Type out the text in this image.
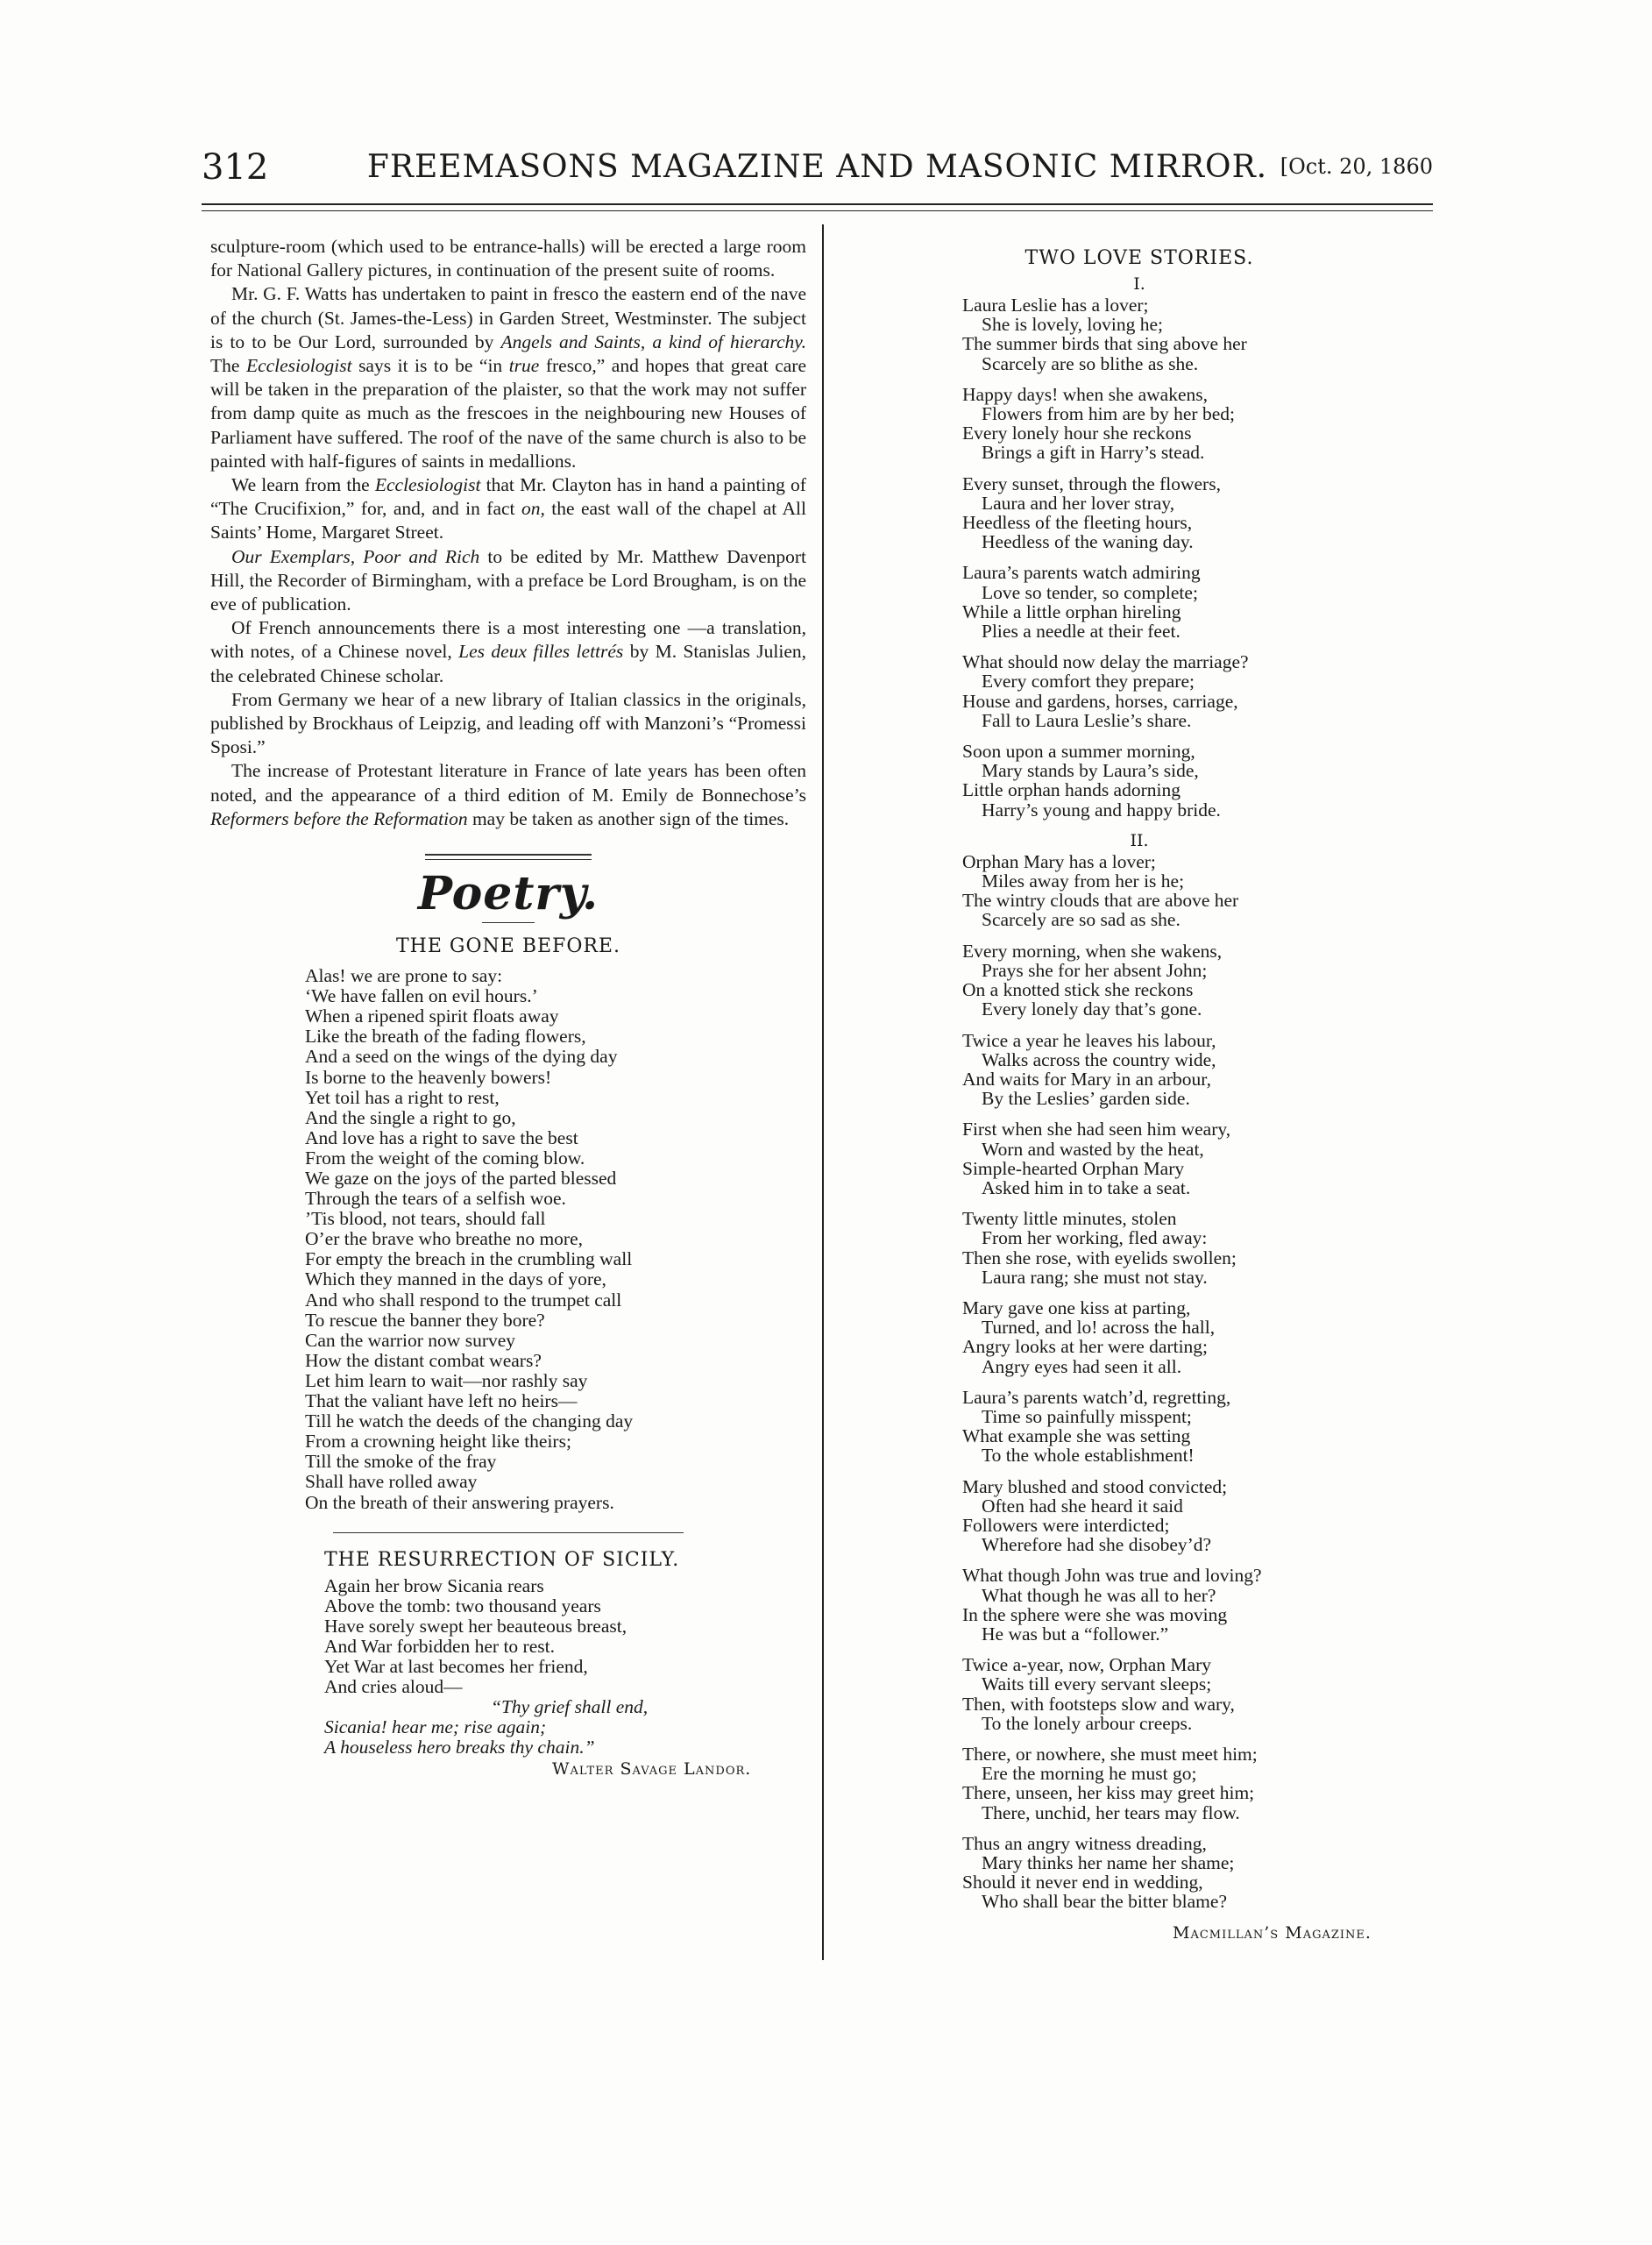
312	FREEMASONS MAGAZINE AND MASONIC MIRROR. [Oct. 20, 1860

sculpture-room (which used to be entrance-halls) will be erected a large room for National Gallery pictures, in continuation of the present suite of rooms.

Mr. G. F. Watts has undertaken to paint in fresco the eastern end of the nave of the church (St. James-the-Less) in Garden Street, Westminster. The subject is to to be Our Lord, surrounded by Angels and Saints, a kind of hierarchy. The Ecclesiologist says it is to be “in true fresco,” and hopes that great care will be taken in the preparation of the plaister, so that the work may not suffer from damp quite as much as the frescoes in the neighbouring new Houses of Parliament have suffered. The roof of the nave of the same church is also to be painted with half-figures of saints in medallions.

We learn from the Ecclesiologist that Mr. Clayton has in hand a painting of “The Crucifixion,” for, and, and in fact on, the east wall of the chapel at All Saints’ Home, Margaret Street.

Our Exemplars, Poor and Rich to be edited by Mr. Matthew Davenport Hill, the Recorder of Birmingham, with a preface be Lord Brougham, is on the eve of publication.

Of French announcements there is a most interesting one —a translation, with notes, of a Chinese novel, Les deux filles lettrés by M. Stanislas Julien, the celebrated Chinese scholar.

From Germany we hear of a new library of Italian classics in the originals, published by Brockhaus of Leipzig, and leading off with Manzoni’s “Promessi Sposi.”

The increase of Protestant literature in France of late years has been often noted, and the appearance of a third edition of M. Emily de Bonnechose’s Reformers before the Reformation may be taken as another sign of the times.

Poetry.
THE GONE BEFORE.
Alas! we are prone to say:
‘We have fallen on evil hours.’
When a ripened spirit floats away
Like the breath of the fading flowers,
And a seed on the wings of the dying day
Is borne to the heavenly bowers!
Yet toil has a right to rest,
And the single a right to go,
And love has a right to save the best
From the weight of the coming blow.
We gaze on the joys of the parted blessed
Through the tears of a selfish woe.
’Tis blood, not tears, should fall
O’er the brave who breathe no more,
For empty the breach in the crumbling wall
Which they manned in the days of yore,
And who shall respond to the trumpet call
To rescue the banner they bore?
Can the warrior now survey
How the distant combat wears?
Let him learn to wait—nor rashly say
That the valiant have left no heirs—
Till he watch the deeds of the changing day
From a crowning height like theirs;
Till the smoke of the fray
Shall have rolled away
On the breath of their answering prayers.
THE RESURRECTION OF SICILY.
Again her brow Sicania rears
Above the tomb: two thousand years
Have sorely swept her beauteous breast,
And War forbidden her to rest.
Yet War at last becomes her friend,
And cries aloud—
“Thy grief shall end,
Sicania! hear me; rise again;
A houseless hero breaks thy chain.”
Walter Savage Landor.
TWO LOVE STORIES.
I.
Laura Leslie has a lover;
She is lovely, loving he;
The summer birds that sing above her
Scarcely are so blithe as she.
Happy days! when she awakens,
Flowers from him are by her bed;
Every lonely hour she reckons
Brings a gift in Harry’s stead.
Every sunset, through the flowers,
Laura and her lover stray,
Heedless of the fleeting hours,
Heedless of the waning day.
Laura’s parents watch admiring
Love so tender, so complete;
While a little orphan hireling
Plies a needle at their feet.
What should now delay the marriage?
Every comfort they prepare;
House and gardens, horses, carriage,
Fall to Laura Leslie’s share.
Soon upon a summer morning,
Mary stands by Laura’s side,
Little orphan hands adorning
Harry’s young and happy bride.
II.
Orphan Mary has a lover;
Miles away from her is he;
The wintry clouds that are above her
Scarcely are so sad as she.
Every morning, when she wakens,
Prays she for her absent John;
On a knotted stick she reckons
Every lonely day that’s gone.
Twice a year he leaves his labour,
Walks across the country wide,
And waits for Mary in an arbour,
By the Leslies’ garden side.
First when she had seen him weary,
Worn and wasted by the heat,
Simple-hearted Orphan Mary
Asked him in to take a seat.
Twenty little minutes, stolen
From her working, fled away:
Then she rose, with eyelids swollen;
Laura rang; she must not stay.
Mary gave one kiss at parting,
Turned, and lo! across the hall,
Angry looks at her were darting;
Angry eyes had seen it all.
Laura’s parents watch’d, regretting,
Time so painfully misspent;
What example she was setting
To the whole establishment!
Mary blushed and stood convicted;
Often had she heard it said
Followers were interdicted;
Wherefore had she disobey’d?
What though John was true and loving?
What though he was all to her?
In the sphere were she was moving
He was but a “follower.”
Twice a-year, now, Orphan Mary
Waits till every servant sleeps;
Then, with footsteps slow and wary,
To the lonely arbour creeps.
There, or nowhere, she must meet him;
Ere the morning he must go;
There, unseen, her kiss may greet him;
There, unchid, her tears may flow.
Thus an angry witness dreading,
Mary thinks her name her shame;
Should it never end in wedding,
Who shall bear the bitter blame?
Macmillan’s Magazine.
